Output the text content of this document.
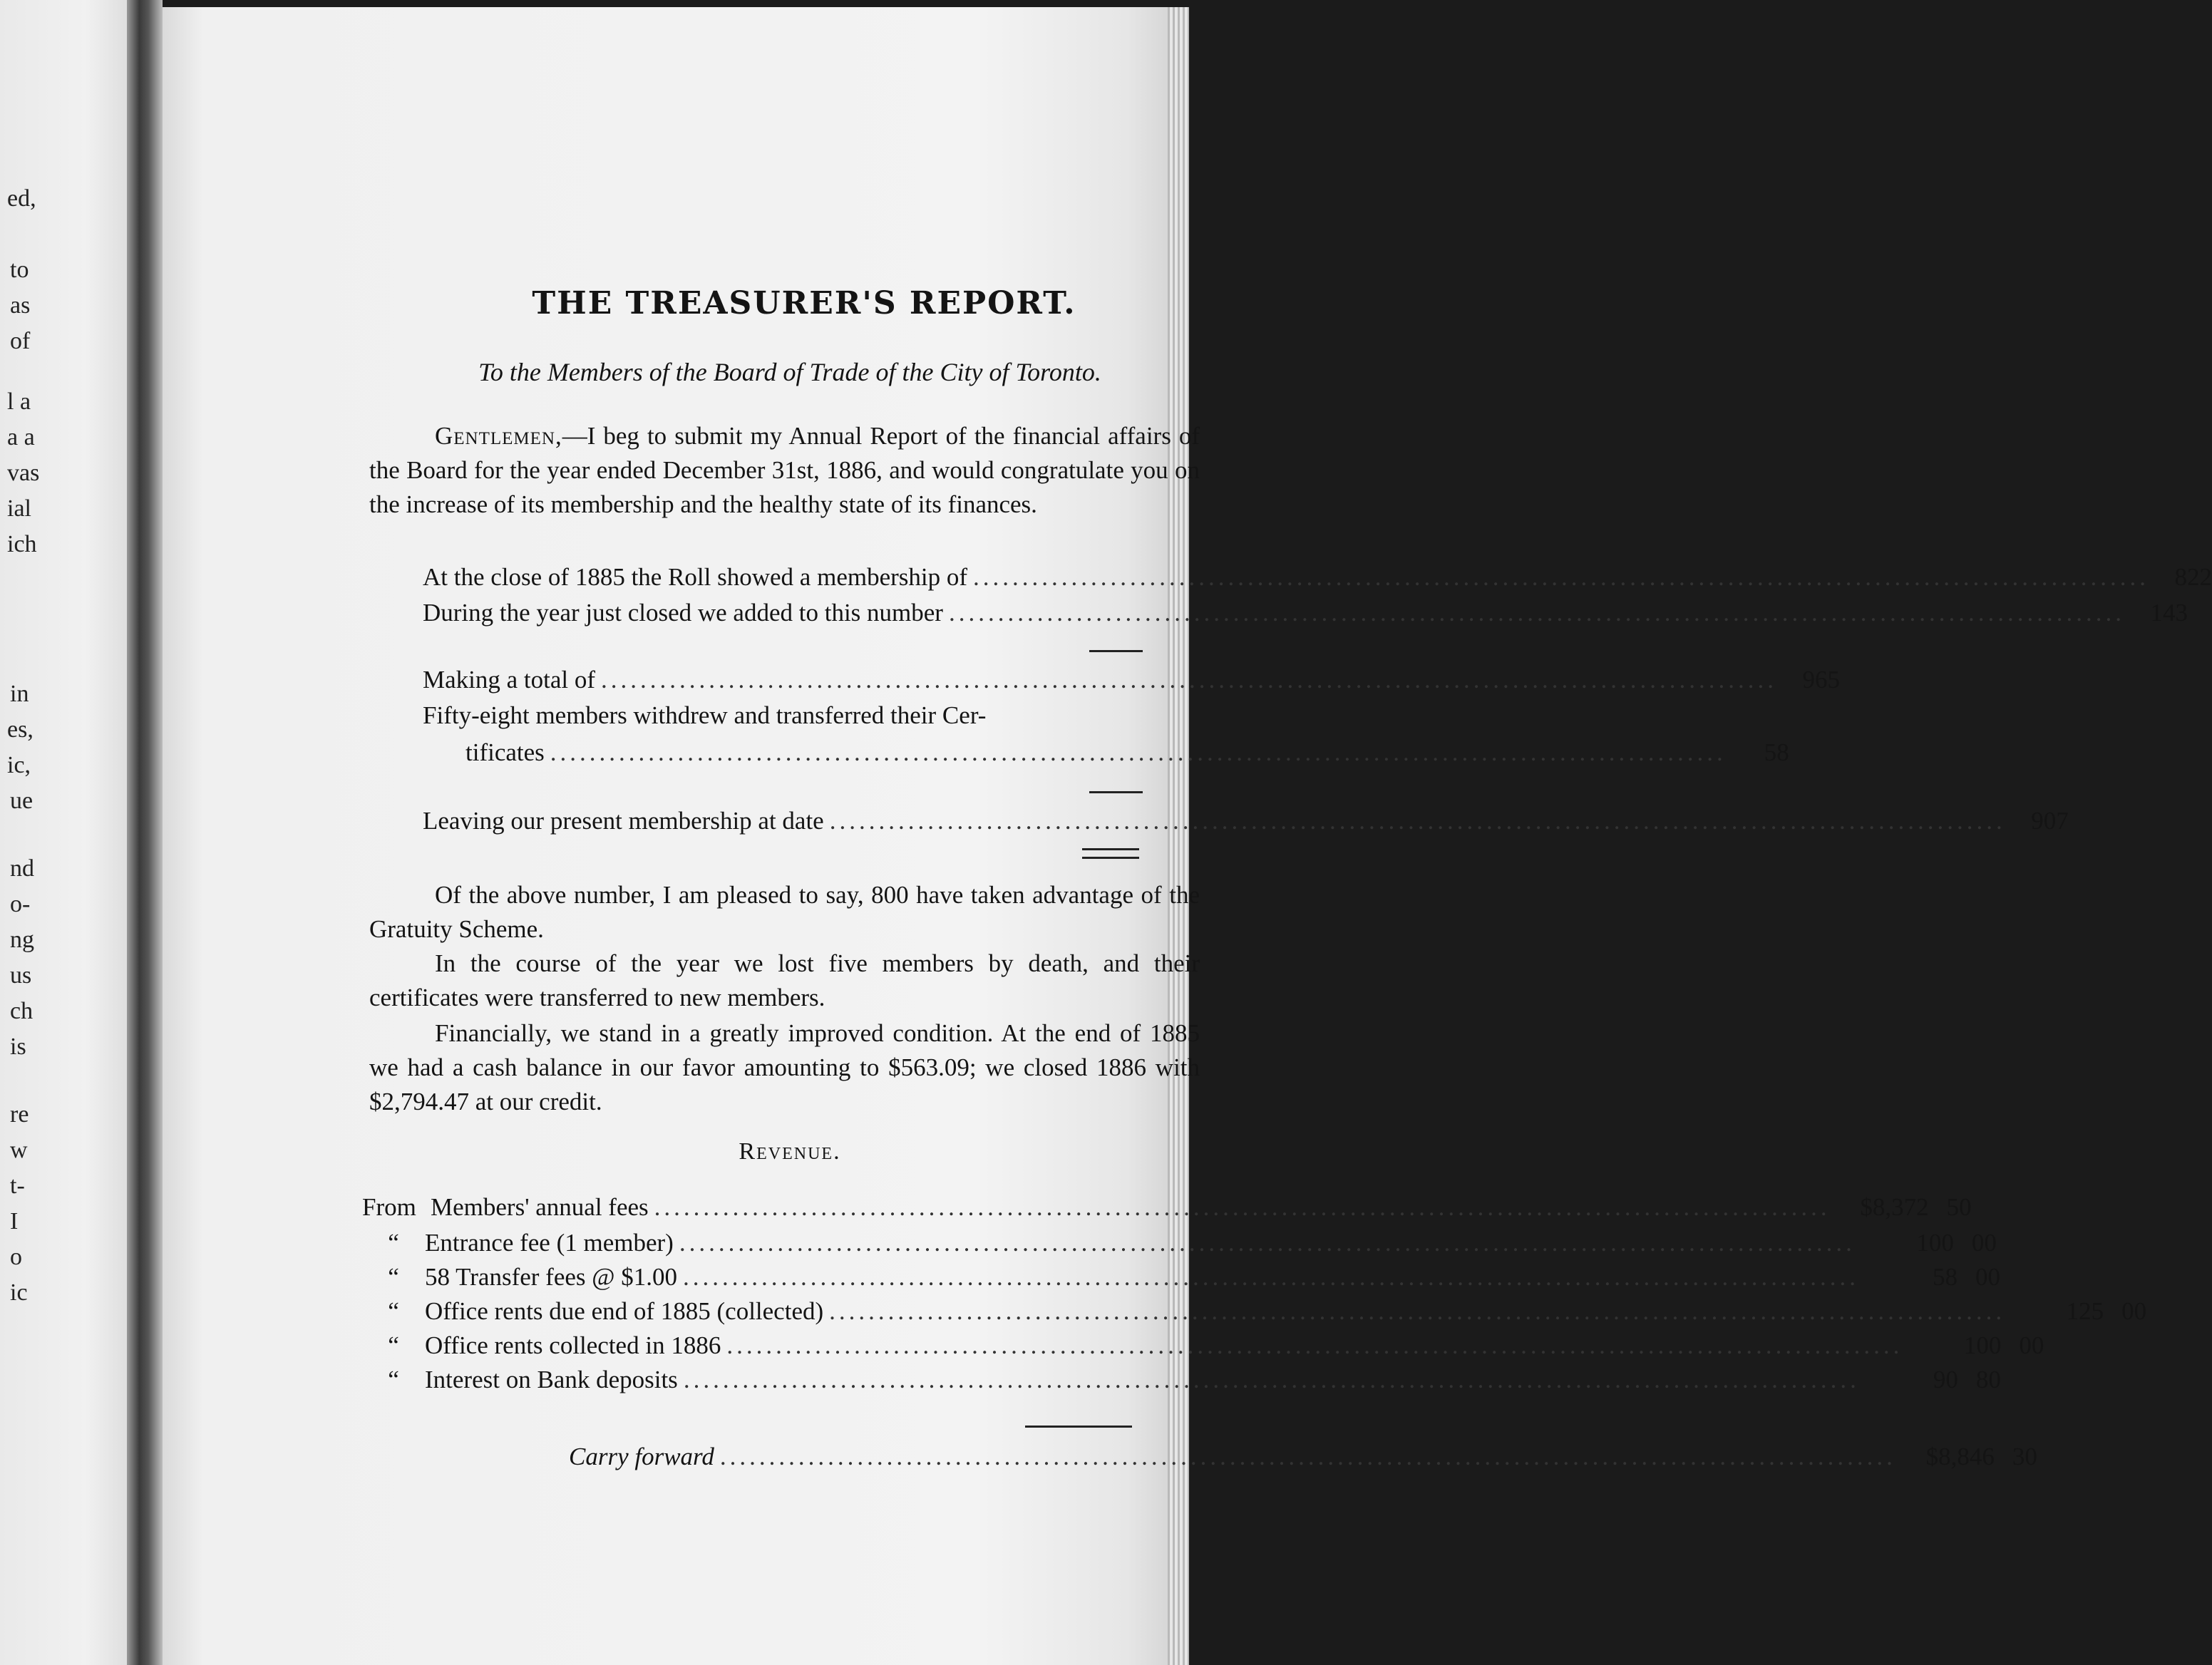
ed,
to
as
of
l a
a a
vas
ial
ich
in
es,
ic,
ue
nd
o-
ng
us
ch
is
re
w
t-
I
o
ic
THE TREASURER'S REPORT.
To the Members of the Board of Trade of the City of Toronto.
Gentlemen,—I beg to submit my Annual Report of the financial affairs of the Board for the year ended December 31st, 1886, and would congratulate you on the increase of its membership and the healthy state of its finances.
At the close of 1885 the Roll showed a membership of ........................................................................................................................	822
During the year just closed we added to this number ........................................................................................................................	143
Making a total of ........................................................................................................................	965
Fifty-eight members withdrew and transferred their Cer-
tificates ........................................................................................................................	58
Leaving our present membership at date ........................................................................................................................	907
Of the above number, I am pleased to say, 800 have taken advantage of the Gratuity Scheme.
In the course of the year we lost five members by death, and their certificates were transferred to new members.
Financially, we stand in a greatly improved condition. At the end of 1885 we had a cash balance in our favor amounting to $563.09; we closed 1886 with $2,794.47 at our credit.
Revenue.
From Members' annual fees ........................................................................................................................	$8,372 50
“	Entrance fee (1 member) ........................................................................................................................	100 00
“	58 Transfer fees @ $1.00 ........................................................................................................................	58 00
“	Office rents due end of 1885 (collected) ........................................................................................................................	125 00
“	Office rents collected in 1886 ........................................................................................................................	100 00
“	Interest on Bank deposits ........................................................................................................................	90 80
Carry forward ........................................................................................................................	$8,846 30
